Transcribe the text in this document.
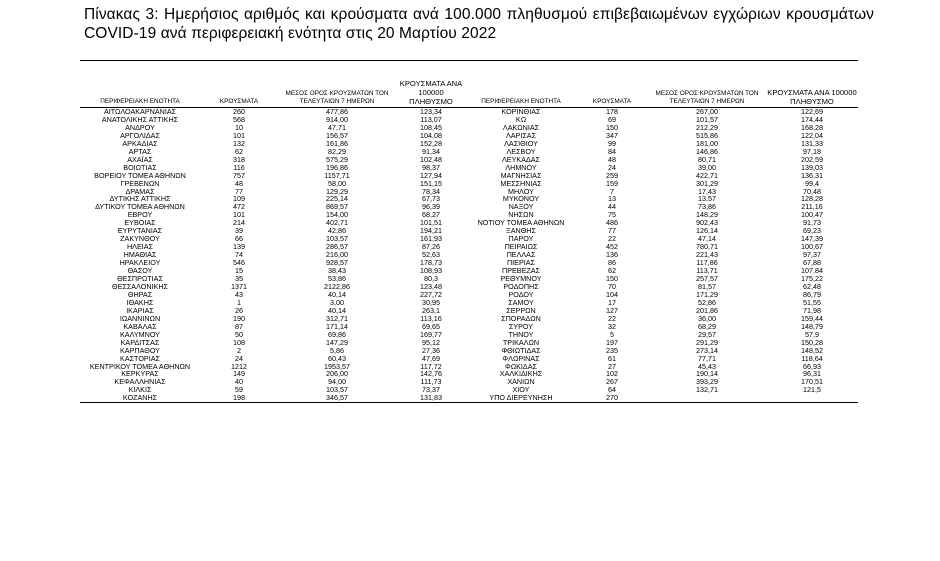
Πίνακας 3: Ημερήσιος αριθμός και κρούσματα ανά 100.000 πληθυσμού επιβεβαιωμένων εγχώριων κρουσμάτων COVID-19 ανά περιφερειακή ενότητα στις 20 Μαρτίου 2022
ΠΕΡΙΦΕΡΕΙΑΚΗ ΕΝΟΤΗΤΑ	ΚΡΟΥΣΜΑΤΑ	ΜΕΣΟΣ ΟΡΟΣ ΚΡΟΥΣΜΑΤΩΝ ΤΟΝ ΤΕΛΕΥΤΑΙΩΝ 7 ΗΜΕΡΩΝ	ΚΡΟΥΣΜΑΤΑ ΑΝΑ 100000 ΠΛΗΘΥΣΜΟ	ΠΕΡΙΦΕΡΕΙΑΚΗ ΕΝΟΤΗΤΑ	ΚΡΟΥΣΜΑΤΑ	ΜΕΣΟΣ ΟΡΟΣ ΚΡΟΥΣΜΑΤΩΝ ΤΟΝ ΤΕΛΕΥΤΑΙΩΝ 7 ΗΜΕΡΩΝ	ΚΡΟΥΣΜΑΤΑ ΑΝΑ 100000 ΠΛΗΘΥΣΜΟ
ΑΙΤΩΛΟΑΚΑΡΝΑΝΙΑΣ	260	477,86	123,34	ΚΟΡΙΝΘΙΑΣ	178	267,00	122,69
ΑΝΑΤΟΛΙΚΗΣ ΑΤΤΙΚΗΣ	568	914,00	113,07	ΚΩ	69	101,57	174,44
ΑΝΔΡΟΥ	10	47,71	108,45	ΛΑΚΩΝΙΑΣ	150	212,29	168,28
ΑΡΓΟΛΙΔΑΣ	101	156,57	104,08	ΛΑΡΙΣΑΣ	347	515,86	122,04
ΑΡΚΑΔΙΑΣ	132	161,86	152,28	ΛΑΣΙΘΙΟΥ	99	181,00	131,33
ΑΡΤΑΣ	62	82,29	91,34	ΛΕΣΒΟΥ	84	146,86	97,18
ΑΧΑΪΑΣ	318	575,29	102,48	ΛΕΥΚΑΔΑΣ	48	80,71	202,59
ΒΟΙΩΤΙΑΣ	116	196,86	98,37	ΛΗΜΝΟΥ	24	39,00	139,03
ΒΟΡΕΙΟΥ ΤΟΜΕΑ ΑΘΗΝΩΝ	757	1157,71	127,94	ΜΑΓΝΗΣΙΑΣ	259	422,71	136,31
ΓΡΕΒΕΝΩΝ	48	58,00	151,15	ΜΕΣΣΗΝΙΑΣ	159	301,29	99,4
ΔΡΑΜΑΣ	77	129,29	78,34	ΜΗΛΟΥ	7	17,43	70,48
ΔΥΤΙΚΗΣ ΑΤΤΙΚΗΣ	109	225,14	67,73	ΜΥΚΟΝΟΥ	13	13,57	128,28
ΔΥΤΙΚΟΥ ΤΟΜΕΑ ΑΘΗΝΩΝ	472	869,57	96,39	ΝΑΞΟΥ	44	73,86	211,16
ΕΒΡΟΥ	101	154,00	68,27	ΝΗΣΩΝ	75	148,29	100,47
ΕΥΒΟΙΑΣ	214	402,71	101,51	ΝΟΤΙΟΥ ΤΟΜΕΑ ΑΘΗΝΩΝ	486	902,43	91,73
ΕΥΡΥΤΑΝΙΑΣ	39	42,86	194,21	ΞΑΝΘΗΣ	77	126,14	69,23
ΖΑΚΥΝΘΟΥ	66	103,57	161,93	ΠΑΡΟΥ	22	47,14	147,39
ΗΛΕΙΑΣ	139	286,57	87,26	ΠΕΙΡΑΙΩΣ	452	780,71	100,67
ΗΜΑΘΙΑΣ	74	216,00	52,63	ΠΕΛΛΑΣ	136	221,43	97,37
ΗΡΑΚΛΕΙΟΥ	546	928,57	178,73	ΠΙΕΡΙΑΣ	86	117,86	67,88
ΘΑΣΟΥ	15	38,43	108,93	ΠΡΕΒΕΖΑΣ	62	113,71	107,84
ΘΕΣΠΡΩΤΙΑΣ	35	53,86	80,3	ΡΕΘΥΜΝΟΥ	150	257,57	175,22
ΘΕΣΣΑΛΟΝΙΚΗΣ	1371	2122,86	123,48	ΡΟΔΟΠΗΣ	70	81,57	62,48
ΘΗΡΑΣ	43	40,14	227,72	ΡΟΔΟΥ	104	171,29	86,79
ΙΘΑΚΗΣ	1	3,00	30,95	ΣΑΜΟΥ	17	52,86	51,55
ΙΚΑΡΙΑΣ	26	40,14	263,1	ΣΕΡΡΩΝ	127	201,86	71,98
ΙΩΑΝΝΙΝΩΝ	190	312,71	113,16	ΣΠΟΡΑΔΩΝ	22	36,00	159,44
ΚΑΒΑΛΑΣ	87	171,14	69,65	ΣΥΡΟΥ	32	68,29	148,79
ΚΑΛΥΜΝΟΥ	50	69,86	169,77	ΤΗΝΟΥ	5	29,57	57,9
ΚΑΡΔΙΤΣΑΣ	108	147,29	95,12	ΤΡΙΚΑΛΩΝ	197	291,29	150,28
ΚΑΡΠΑΘΟΥ	2	5,86	27,36	ΦΘΙΩΤΙΔΑΣ	235	273,14	148,52
ΚΑΣΤΟΡΙΑΣ	24	60,43	47,69	ΦΛΩΡΙΝΑΣ	61	77,71	118,64
ΚΕΝΤΡΙΚΟΥ ΤΟΜΕΑ ΑΘΗΝΩΝ	1212	1953,57	117,72	ΦΩΚΙΔΑΣ	27	45,43	66,93
ΚΕΡΚΥΡΑΣ	149	206,00	142,76	ΧΑΛΚΙΔΙΚΗΣ	102	190,14	96,31
ΚΕΦΑΛΛΗΝΙΑΣ	40	94,00	111,73	ΧΑΝΙΩΝ	267	393,29	170,51
ΚΙΛΚΙΣ	59	103,57	73,37	ΧΙΟΥ	64	132,71	121,5
ΚΟΖΑΝΗΣ	198	346,57	131,83	ΥΠΟ ΔΙΕΡΕΥΝΗΣΗ	270		
